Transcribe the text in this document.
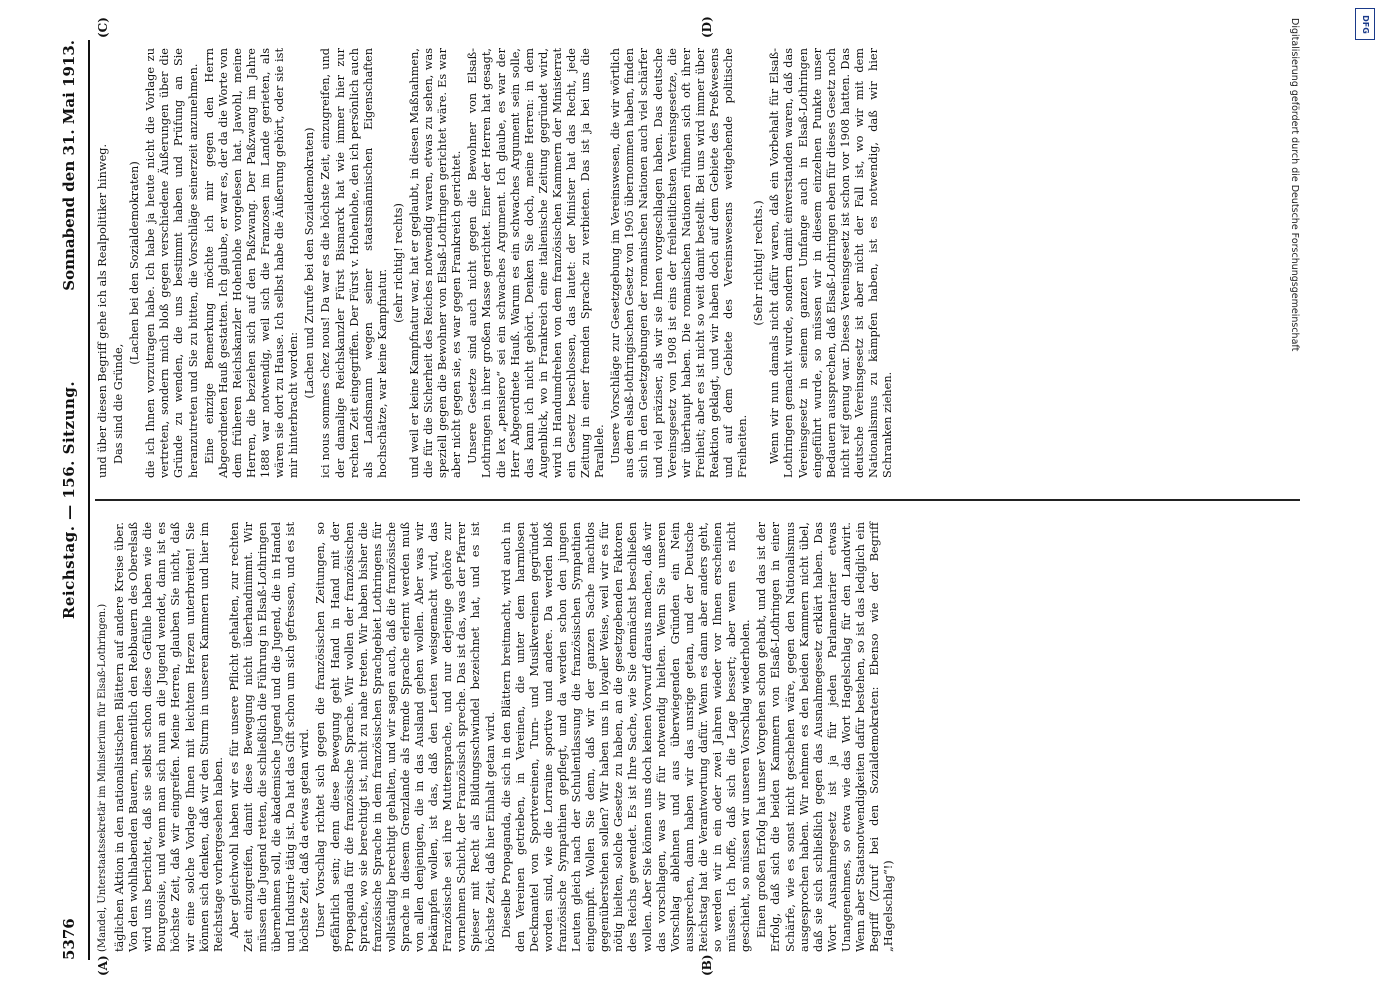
5376
Reichstag. — 156. Sitzung.
Sonnabend den 31. Mai 1913.
(A)	(B)
(C)	(D)

(Mandel, Unterstaatssekretär im Ministerium für Elsaß-Lothringen.) täglichen Aktion in den nationalistischen Blättern auf andere Kreise über. Von den wohlhabenden Bauern, namentlich den Rebbauern des Oberelsaß wird uns berichtet, daß sie selbst schon diese Gefühle haben wie die Bourgeoisie, und wenn man sich nun an die Jugend wendet, dann ist es höchste Zeit, daß wir eingreifen. Meine Herren, glauben Sie nicht, daß wir eine solche Vorlage Ihnen mit leichtem Herzen unterbreiten! Sie können sich denken, daß wir den Sturm in unseren Kammern und hier im Reichstage vorhergesehen haben. Aber gleichwohl haben wir es für unsere Pflicht gehalten, zur rechten Zeit einzugreifen, damit diese Bewegung nicht überhandnimmt. Wir müssen die Jugend retten, die schließlich die Führung in Elsaß-Lothringen übernehmen soll, die akademische Jugend und die Jugend, die in Handel und Industrie tätig ist. Da hat das Gift schon um sich gefressen, und es ist höchste Zeit, daß da etwas getan wird. Unser Vorschlag richtet sich gegen die französischen Zeitungen, so gefährlich sein; denn diese Bewegung geht Hand in Hand mit der Propaganda für die französische Sprache. Wir wollen der französischen Sprache, wo sie berechtigt ist, nicht zu nahe treten. Wir haben bisher die französische Sprache in dem französischen Sprachgebiet Lothringens für vollständig berechtigt gehalten, und wir sagen auch, daß die französische Sprache in diesem Grenzlande als fremde Sprache erlernt werden muß von allen denjenigen, die in das Ausland gehen wollen. Aber was wir bekämpfen wollen, ist das, daß den Leuten weisgemacht wird, das Französische sei ihre Muttersprache, und nur derjenige gehöre zur vornehmen Schicht, der Französisch spreche. Das ist das, was der Pfarrer Spieser mit Recht als Bildungsschwindel bezeichnet hat, und es ist höchste Zeit, daß hier Einhalt getan wird. Dieselbe Propaganda, die sich in den Blättern breitmacht, wird auch in den Vereinen getrieben, in Vereinen, die unter dem harmlosen Deckmantel von Sportvereinen, Turn- und Musikvereinen gegründet worden sind, wie die Lorraine sportive und andere. Da werden bloß französische Sympathien gepflegt, und da werden schon den jungen Leuten gleich nach der Schulentlassung die französischen Sympathien eingeimpft. Wollen Sie denn, daß wir der ganzen Sache machtlos gegenüberstehen sollen? Wir haben uns in loyaler Weise, weil wir es für nötig hielten, solche Gesetze zu haben, an die gesetzgebenden Faktoren des Reichs gewendet. Es ist Ihre Sache, wie Sie demnächst beschließen wollen. Aber Sie können uns doch keinen Vorwurf daraus machen, daß wir das vorschlagen, was wir für notwendig hielten. Wenn Sie unseren Vorschlag ablehnen und aus überwiegenden Gründen ein Nein aussprechen, dann haben wir das unsrige getan, und der Deutsche Reichstag hat die Verantwortung dafür. Wenn es dann aber anders geht, so werden wir in ein oder zwei Jahren wieder vor Ihnen erscheinen müssen. Ich hoffe, daß sich die Lage bessert; aber wenn es nicht geschieht, so müssen wir unseren Vorschlag wiederholen. Einen großen Erfolg hat unser Vorgehen schon gehabt, und das ist der Erfolg, daß sich die beiden Kammern von Elsaß-Lothringen in einer Schärfe, wie es sonst nicht geschehen wäre, gegen den Nationalismus ausgesprochen haben. Wir nehmen es den beiden Kammern nicht übel, daß sie sich schließlich gegen das Ausnahmegesetz erklärt haben. Das Wort Ausnahmegesetz ist ja für jeden Parlamentarier etwas Unangenehmes, so etwa wie das Wort Hagelschlag für den Landwirt. Wenn aber Staatsnotwendigkeiten dafür bestehen, so ist das lediglich ein Begriff (Zuruf bei den Sozialdemokraten: Ebenso wie der Begriff „Hagelschlag“!)

und über diesen Begriff gehe ich als Realpolitiker hinweg. Das sind die Gründe,

(Lachen bei den Sozialdemokraten) die ich Ihnen vorzutragen habe. Ich habe ja heute nicht die Vorlage zu vertreten, sondern mich bloß gegen verschiedene Äußerungen über die Gründe zu wenden, die uns bestimmt haben und Prüfung an Sie heranzutreten und Sie zu bitten, die Vorschläge seinerzeit anzunehmen. Eine einzige Bemerkung möchte ich mir gegen den Herrn Abgeordneten Hauß gestatten. Ich glaube, er war es, der da die Worte von dem früheren Reichskanzler Hohenlohe vorgelesen hat. Jawohl, meine Herren, die beziehen sich auf den Paßzwang. Der Paßzwang im Jahre 1888 war notwendig, weil sich die Franzosen im Lande gerieten, als wären sie dort zu Hause. Ich selbst habe die Äußerung gehört, oder sie ist mir hinterbracht worden:

(Lachen und Zurufe bei den Sozialdemokraten) ici nous sommes chez nous! Da war es die höchste Zeit, einzugreifen, und der damalige Reichskanzler Fürst Bismarck hat wie immer hier zur rechten Zeit eingegriffen. Der Fürst v. Hohenlohe, den ich persönlich auch als Landsmann wegen seiner staatsmännischen Eigenschaften hochschätze, war keine Kampfnatur.

(sehr richtig! rechts) und weil er keine Kampfnatur war, hat er geglaubt, in diesen Maßnahmen, die für die Sicherheit des Reiches notwendig waren, etwas zu sehen, was speziell gegen die Bewohner von Elsaß-Lothringen gerichtet wäre. Es war aber nicht gegen sie, es war gegen Frankreich gerichtet. Unsere Gesetze sind auch nicht gegen die Bewohner von Elsaß-Lothringen in ihrer großen Masse gerichtet. Einer der Herren hat gesagt, die lex „pensiero“ sei ein schwaches Argument. Ich glaube, es war der Herr Abgeordnete Hauß. Warum es ein schwaches Argument sein solle, das kann ich nicht gehört. Denken Sie doch, meine Herren: in dem Augenblick, wo in Frankreich eine italienische Zeitung gegründet wird, wird in Handumdrehen von dem französischen Kammern der Ministerrat ein Gesetz beschlossen, das lautet: der Minister hat das Recht, jede Zeitung in einer fremden Sprache zu verbieten. Das ist ja bei uns die Parallele. Unsere Vorschläge zur Gesetzgebung im Vereinswesen, die wir wörtlich aus dem elsaß-lothringischen Gesetz von 1905 übernommen haben, finden sich in den Gesetzgebungen der romanischen Nationen auch viel schärfer und viel präziser, als wir sie Ihnen vorgeschlagen haben. Das deutsche Vereinsgesetz von 1908 ist eins der freiheitlichsten Vereinsgesetze, die wir überhaupt haben. Die romanischen Nationen rühmen sich oft ihrer Freiheit; aber es ist nicht so weit damit bestellt. Bei uns wird immer über Reaktion geklagt, und wir haben doch auf dem Gebiete des Preßwesens und auf dem Gebiete des Vereinswesens weitgehende politische Freiheiten.

(Sehr richtig! rechts.) Wenn wir nun damals nicht dafür waren, daß ein Vorbehalt für Elsaß-Lothringen gemacht wurde, sondern damit einverstanden waren, daß das Vereinsgesetz in seinem ganzen Umfange auch in Elsaß-Lothringen eingeführt wurde, so müssen wir in diesem einzelnen Punkte unser Bedauern aussprechen, daß Elsaß-Lothringen eben für dieses Gesetz noch nicht reif genug war. Dieses Vereinsgesetz ist schon vor 1908 hatten. Das deutsche Vereinsgesetz ist aber nicht der Fall ist, wo wir mit dem Nationalismus zu kämpfen haben, ist es notwendig, daß wir hier Schranken ziehen.

Digitalisierung gefördert durch die Deutsche Forschungsgemeinschaft	DFG
